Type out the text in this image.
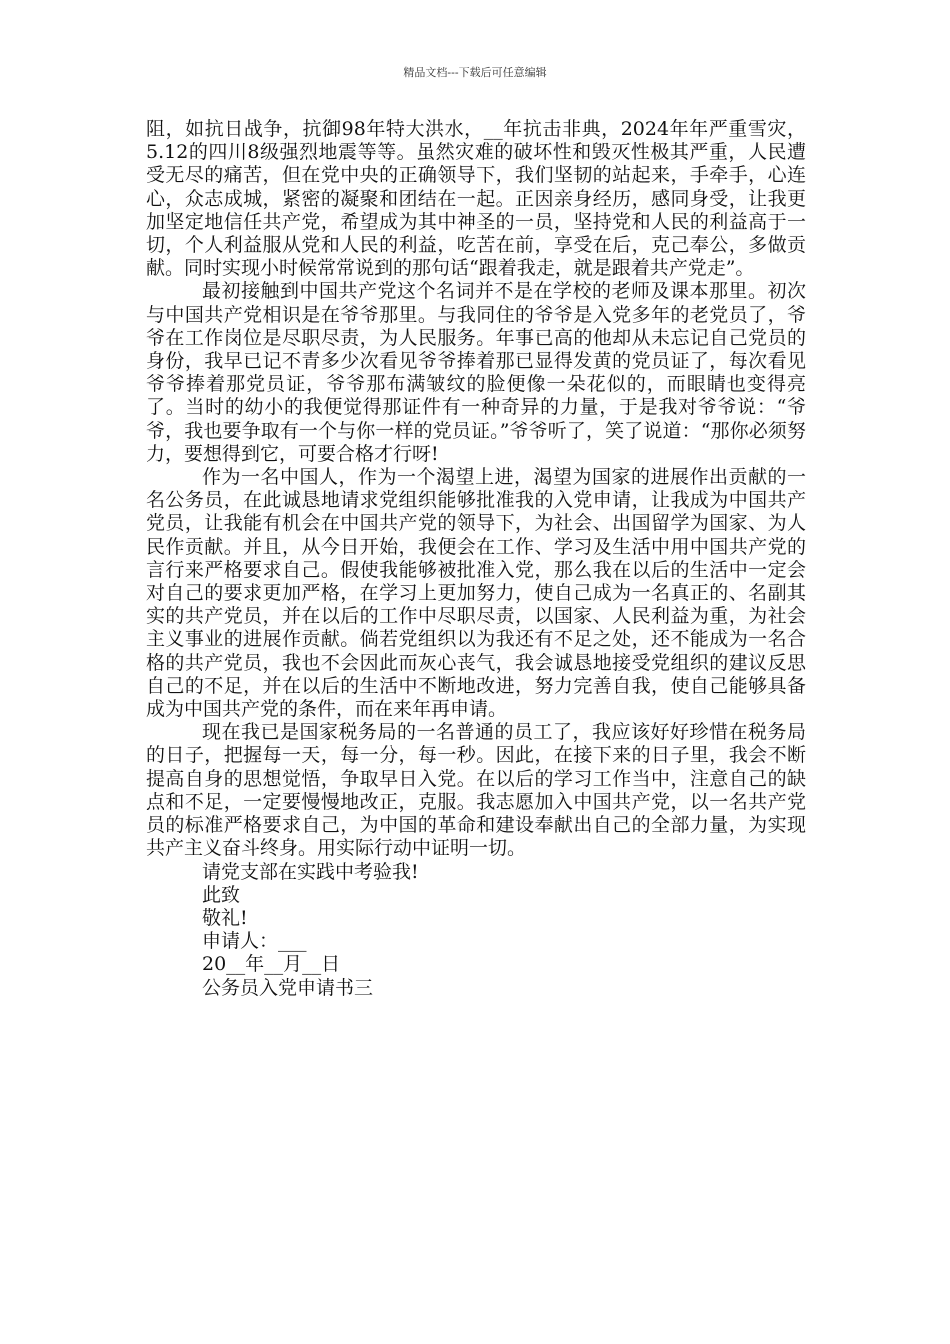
精品文档---下载后可任意编辑

阻，如抗日战争，抗御98年特大洪水，__年抗击非典，2024年年严重雪灾，5.12的四川8级强烈地震等等。虽然灾难的破坏性和毁灭性极其严重，人民遭受无尽的痛苦，但在党中央的正确领导下，我们坚韧的站起来，手牵手，心连心，众志成城，紧密的凝聚和团结在一起。正因亲身经历，感同身受，让我更加坚定地信任共产党，希望成为其中神圣的一员，坚持党和人民的利益高于一切，个人利益服从党和人民的利益，吃苦在前，享受在后，克己奉公，多做贡献。同时实现小时候常常说到的那句话“跟着我走，就是跟着共产党走”。

最初接触到中国共产党这个名词并不是在学校的老师及课本那里。初次与中国共产党相识是在爷爷那里。与我同住的爷爷是入党多年的老党员了，爷爷在工作岗位是尽职尽责，为人民服务。年事已高的他却从未忘记自己党员的身份，我早已记不青多少次看见爷爷捧着那已显得发黄的党员证了，每次看见爷爷捧着那党员证，爷爷那布满皱纹的脸便像一朵花似的，而眼睛也变得亮了。当时的幼小的我便觉得那证件有一种奇异的力量，于是我对爷爷说：“爷爷，我也要争取有一个与你一样的党员证。”爷爷听了，笑了说道：“那你必须努力，要想得到它，可要合格才行呀!

作为一名中国人，作为一个渴望上进，渴望为国家的进展作出贡献的一名公务员，在此诚恳地请求党组织能够批准我的入党申请，让我成为中国共产党员，让我能有机会在中国共产党的领导下，为社会、出国留学为国家、为人民作贡献。并且，从今日开始，我便会在工作、学习及生活中用中国共产党的言行来严格要求自己。假使我能够被批准入党，那么我在以后的生活中一定会对自己的要求更加严格，在学习上更加努力，使自己成为一名真正的、名副其实的共产党员，并在以后的工作中尽职尽责，以国家、人民利益为重，为社会主义事业的进展作贡献。倘若党组织以为我还有不足之处，还不能成为一名合格的共产党员，我也不会因此而灰心丧气，我会诚恳地接受党组织的建议反思自己的不足，并在以后的生活中不断地改进，努力完善自我，使自己能够具备成为中国共产党的条件，而在来年再申请。

现在我已是国家税务局的一名普通的员工了，我应该好好珍惜在税务局的日子，把握每一天，每一分，每一秒。因此，在接下来的日子里，我会不断提高自身的思想觉悟，争取早日入党。在以后的学习工作当中，注意自己的缺点和不足，一定要慢慢地改正，克服。我志愿加入中国共产党，以一名共产党员的标准严格要求自己，为中国的革命和建设奉献出自己的全部力量，为实现共产主义奋斗终身。用实际行动中证明一切。

请党支部在实践中考验我!

此致

敬礼!

申请人：___

20__年__月__日

公务员入党申请书三
